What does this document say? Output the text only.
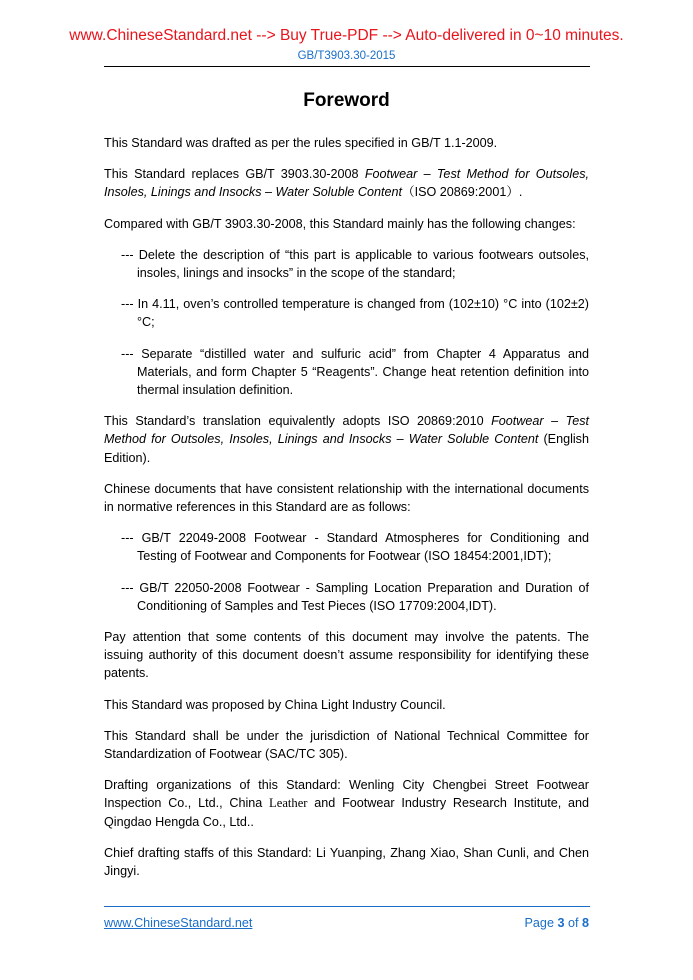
www.ChineseStandard.net --> Buy True-PDF --> Auto-delivered in 0~10 minutes.
GB/T3903.30-2015
Foreword

This Standard was drafted as per the rules specified in GB/T 1.1-2009.

This Standard replaces GB/T 3903.30-2008 Footwear – Test Method for Outsoles, Insoles, Linings and Insocks – Water Soluble Content（ISO 20869:2001）.

Compared with GB/T 3903.30-2008, this Standard mainly has the following changes:

--- Delete the description of “this part is applicable to various footwears outsoles, insoles, linings and insocks” in the scope of the standard;
--- In 4.11, oven’s controlled temperature is changed from (102±10) °C into (102±2) °C;
--- Separate “distilled water and sulfuric acid” from Chapter 4 Apparatus and Materials, and form Chapter 5 “Reagents”. Change heat retention definition into thermal insulation definition.

This Standard’s translation equivalently adopts ISO 20869:2010 Footwear – Test Method for Outsoles, Insoles, Linings and Insocks – Water Soluble Content (English Edition).

Chinese documents that have consistent relationship with the international documents in normative references in this Standard are as follows:

--- GB/T 22049-2008 Footwear - Standard Atmospheres for Conditioning and Testing of Footwear and Components for Footwear (ISO 18454:2001,IDT);
--- GB/T 22050-2008 Footwear - Sampling Location Preparation and Duration of Conditioning of Samples and Test Pieces (ISO 17709:2004,IDT).

Pay attention that some contents of this document may involve the patents. The issuing authority of this document doesn’t assume responsibility for identifying these patents.

This Standard was proposed by China Light Industry Council.

This Standard shall be under the jurisdiction of National Technical Committee for Standardization of Footwear (SAC/TC 305).

Drafting organizations of this Standard: Wenling City Chengbei Street Footwear Inspection Co., Ltd., China Leather and Footwear Industry Research Institute, and Qingdao Hengda Co., Ltd..

Chief drafting staffs of this Standard: Li Yuanping, Zhang Xiao, Shan Cunli, and Chen Jingyi.

www.ChineseStandard.net	Page 3 of 8
